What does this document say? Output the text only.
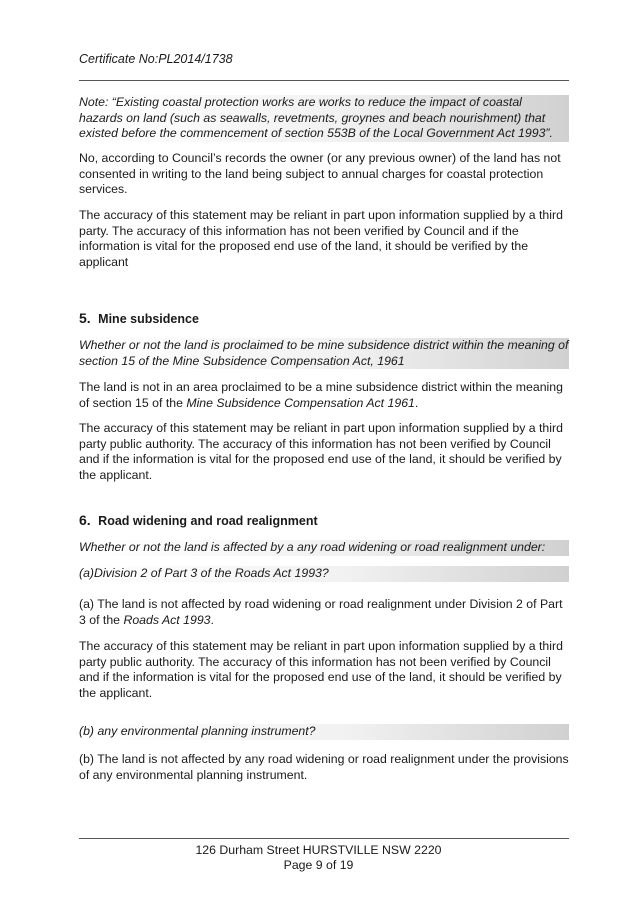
Certificate No:PL2014/1738
Note: “Existing coastal protection works are works to reduce the impact of coastal hazards on land (such as seawalls, revetments, groynes and beach nourishment) that existed before the commencement of section 553B of the Local Government Act 1993”.
No, according to Council’s records the owner (or any previous owner) of the land has not consented in writing to the land being subject to annual charges for coastal protection services.
The accuracy of this statement may be reliant in part upon information supplied by a third party. The accuracy of this information has not been verified by Council and if the information is vital for the proposed end use of the land, it should be verified by the applicant
5. Mine subsidence
Whether or not the land is proclaimed to be mine subsidence district within the meaning of section 15 of the Mine Subsidence Compensation Act, 1961
The land is not in an area proclaimed to be a mine subsidence district within the meaning of section 15 of the Mine Subsidence Compensation Act 1961.
The accuracy of this statement may be reliant in part upon information supplied by a third party public authority. The accuracy of this information has not been verified by Council and if the information is vital for the proposed end use of the land, it should be verified by the applicant.
6. Road widening and road realignment
Whether or not the land is affected by a any road widening or road realignment under:
(a)Division 2 of Part 3 of the Roads Act 1993?
(a) The land is not affected by road widening or road realignment under Division 2 of Part 3 of the Roads Act 1993.
The accuracy of this statement may be reliant in part upon information supplied by a third party public authority. The accuracy of this information has not been verified by Council and if the information is vital for the proposed end use of the land, it should be verified by the applicant.
(b) any environmental planning instrument?
(b) The land is not affected by any road widening or road realignment under the provisions of any environmental planning instrument.
126 Durham Street HURSTVILLE NSW 2220
Page 9 of 19
